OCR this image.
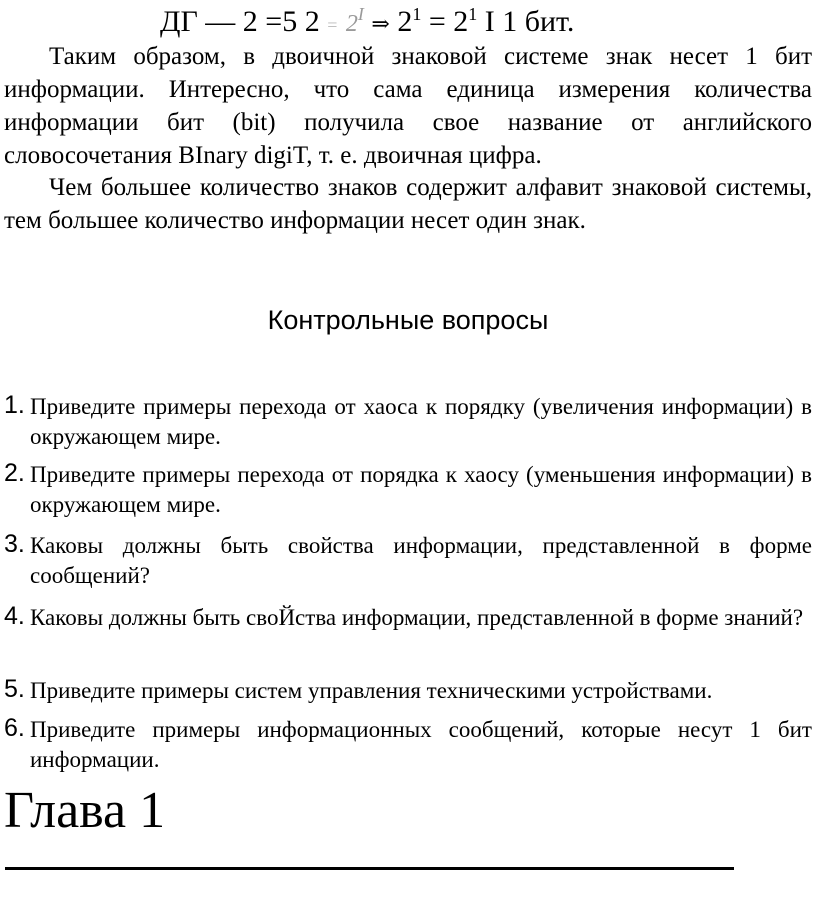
ДГ — 2 =5 $2 = 2^I$ ⇒ $2^1 = 2^1$ I 1 бит.

Таким образом, в двоичной знаковой системе знак несет 1 бит информации. Интересно, что сама единица измерения количества информации бит (bit) получила свое название от английского словосочетания BInary digiT, т. е. двоичная цифра.

Чем большее количество знаков содержит алфавит знаковой системы, тем большее количество информации несет один знак.

Контрольные вопросы
1. Приведите примеры перехода от хаоса к порядку (увеличения информации) в окружающем мире.
2. Приведите примеры перехода от порядка к хаосу (уменьшения информации) в окружающем мире.
3. Каковы должны быть свойства информации, представленной в форме сообщений?
4. Каковы должны быть своЙства информации, представленной в форме знаний?
5. Приведите примеры систем управления техническими устройствами.
6. Приведите примеры информационных сообщений, которые несут 1 бит информации.
Глава 1
